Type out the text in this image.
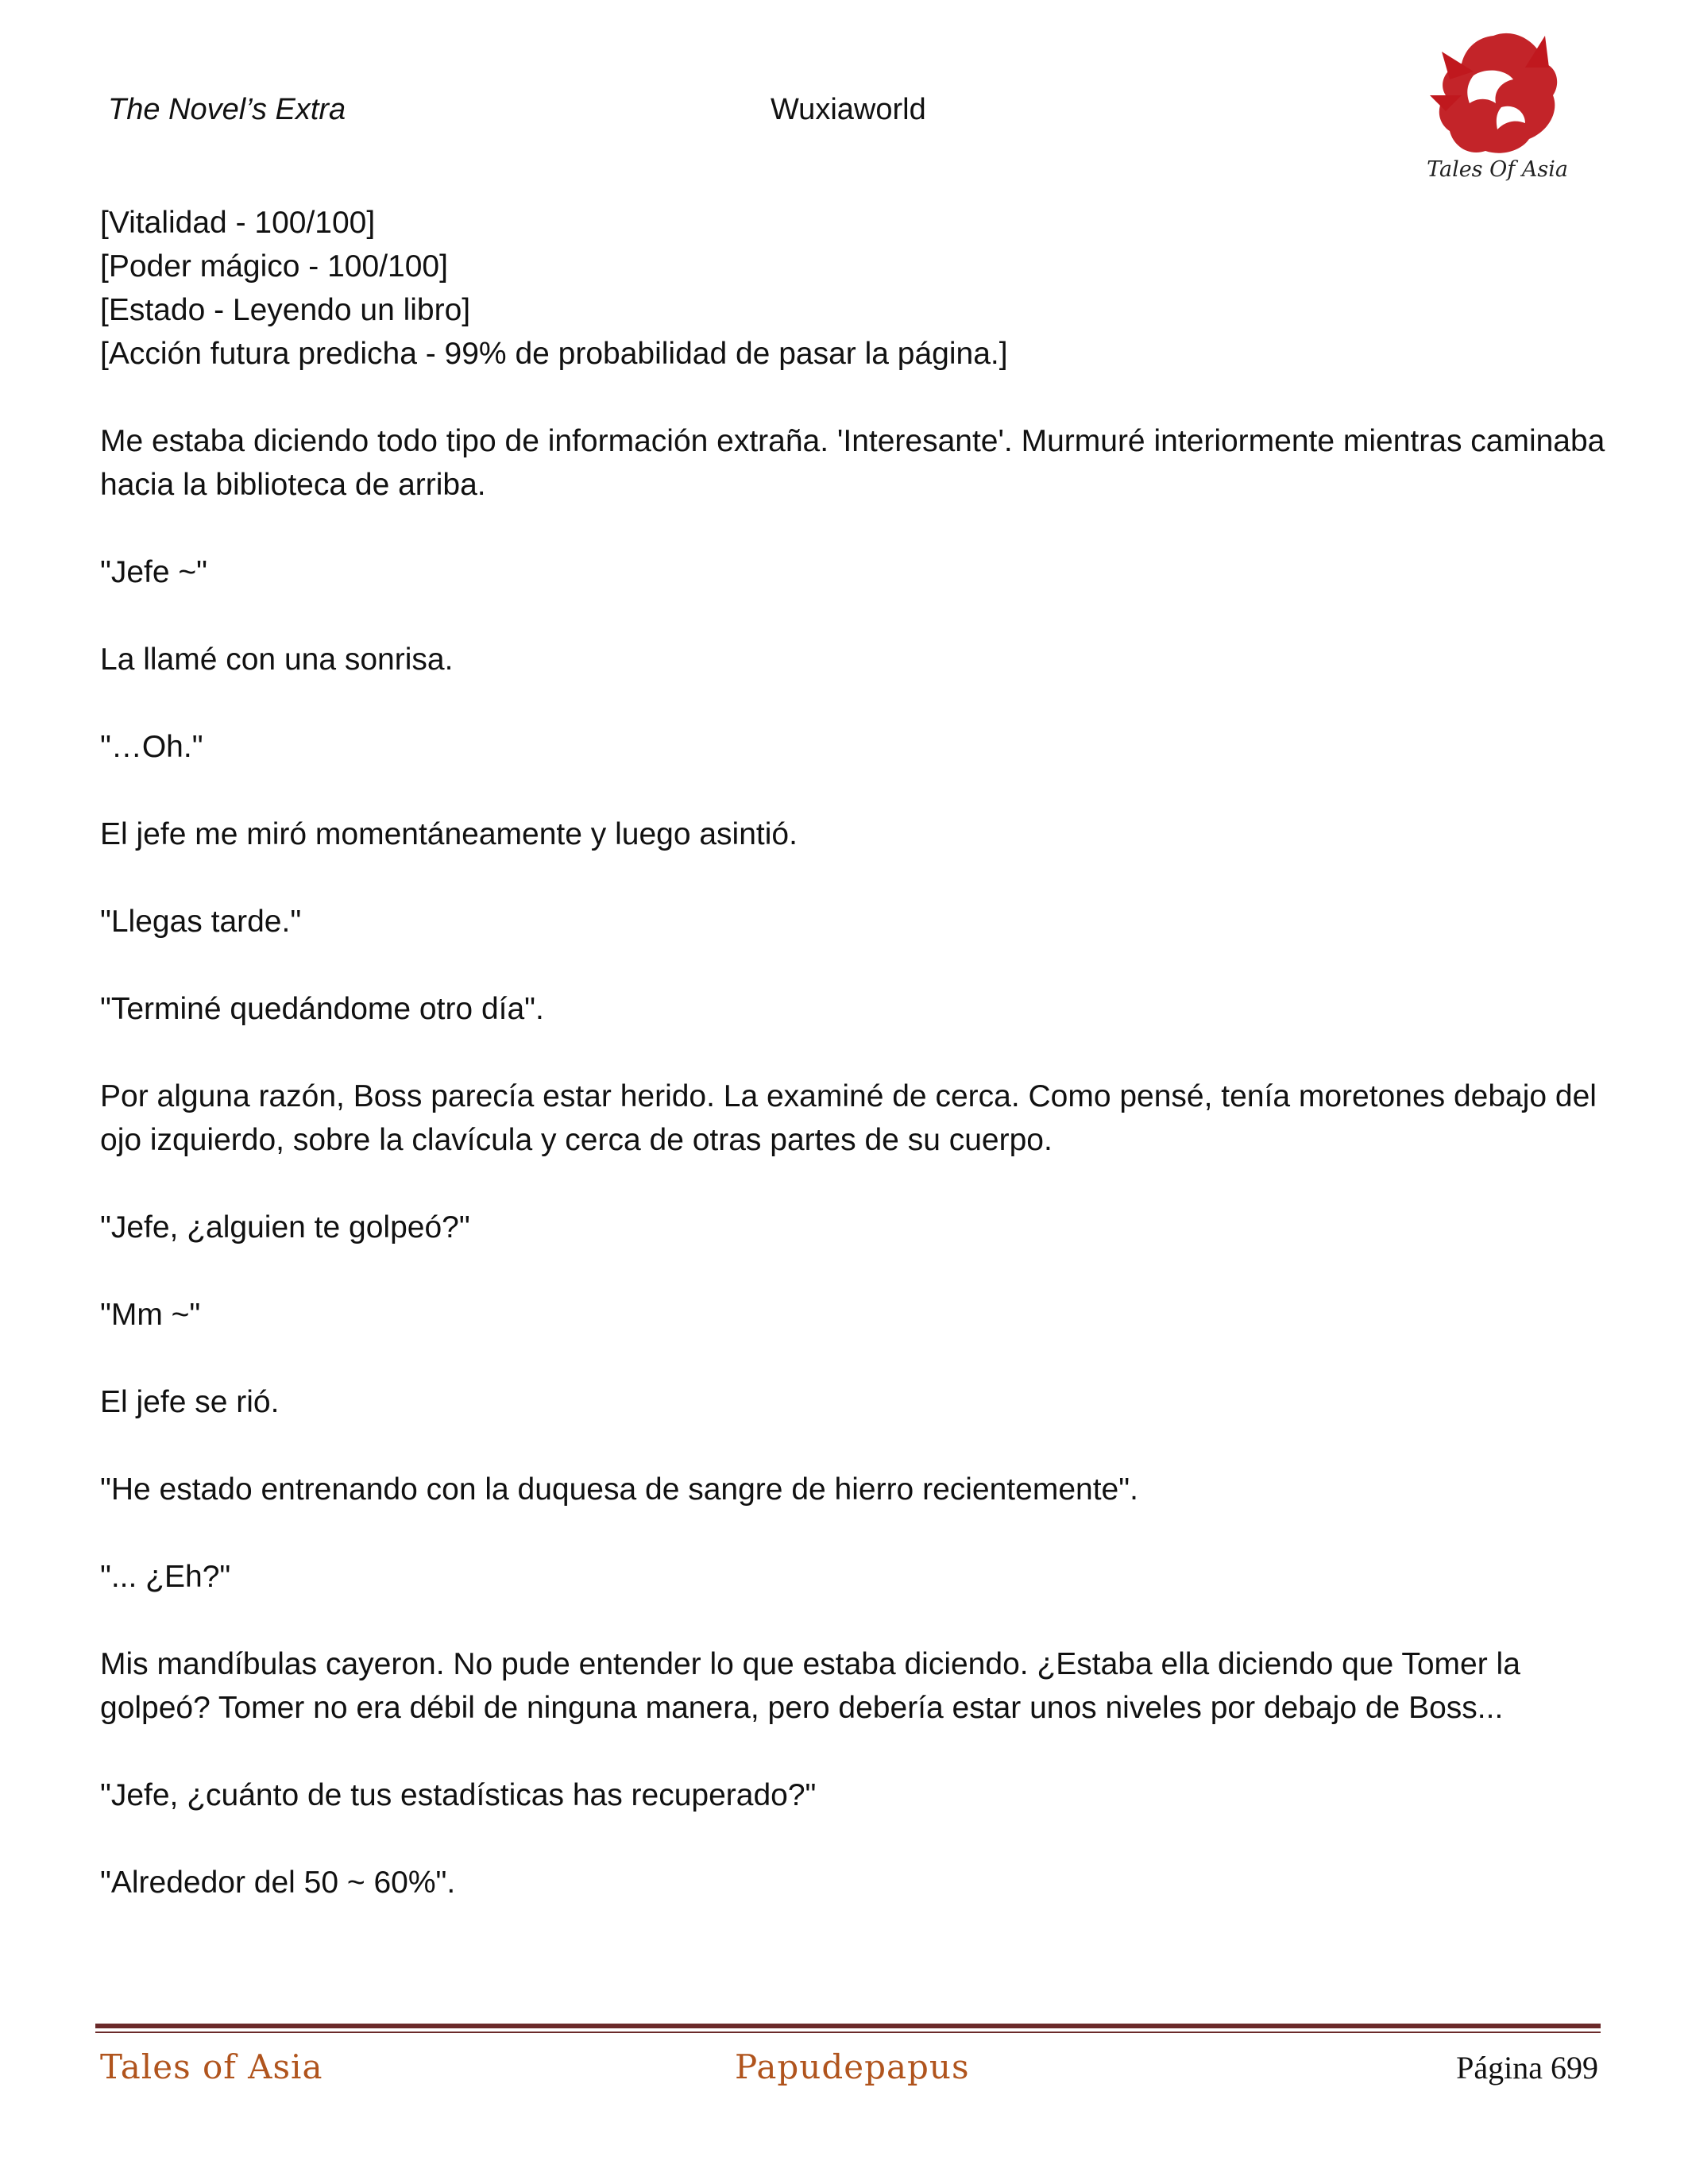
The Novel’s Extra	Wuxiaworld
Tales Of Asia

[Vitalidad - 100/100]

[Poder mágico - 100/100]

[Estado - Leyendo un libro]

[Acción futura predicha - 99% de probabilidad de pasar la página.]

Me estaba diciendo todo tipo de información extraña. 'Interesante'. Murmuré interiormente mientras caminaba hacia la biblioteca de arriba.

"Jefe ~"

La llamé con una sonrisa.

"…Oh."

El jefe me miró momentáneamente y luego asintió.

"Llegas tarde."

"Terminé quedándome otro día".

Por alguna razón, Boss parecía estar herido. La examiné de cerca. Como pensé, tenía moretones debajo del ojo izquierdo, sobre la clavícula y cerca de otras partes de su cuerpo.

"Jefe, ¿alguien te golpeó?"

"Mm ~"

El jefe se rió.

"He estado entrenando con la duquesa de sangre de hierro recientemente".

"... ¿Eh?"

Mis mandíbulas cayeron. No pude entender lo que estaba diciendo. ¿Estaba ella diciendo que Tomer la golpeó? Tomer no era débil de ninguna manera, pero debería estar unos niveles por debajo de Boss...

"Jefe, ¿cuánto de tus estadísticas has recuperado?"

"Alrededor del 50 ~ 60%".

Tales of Asia	Papudepapus	Página 699
